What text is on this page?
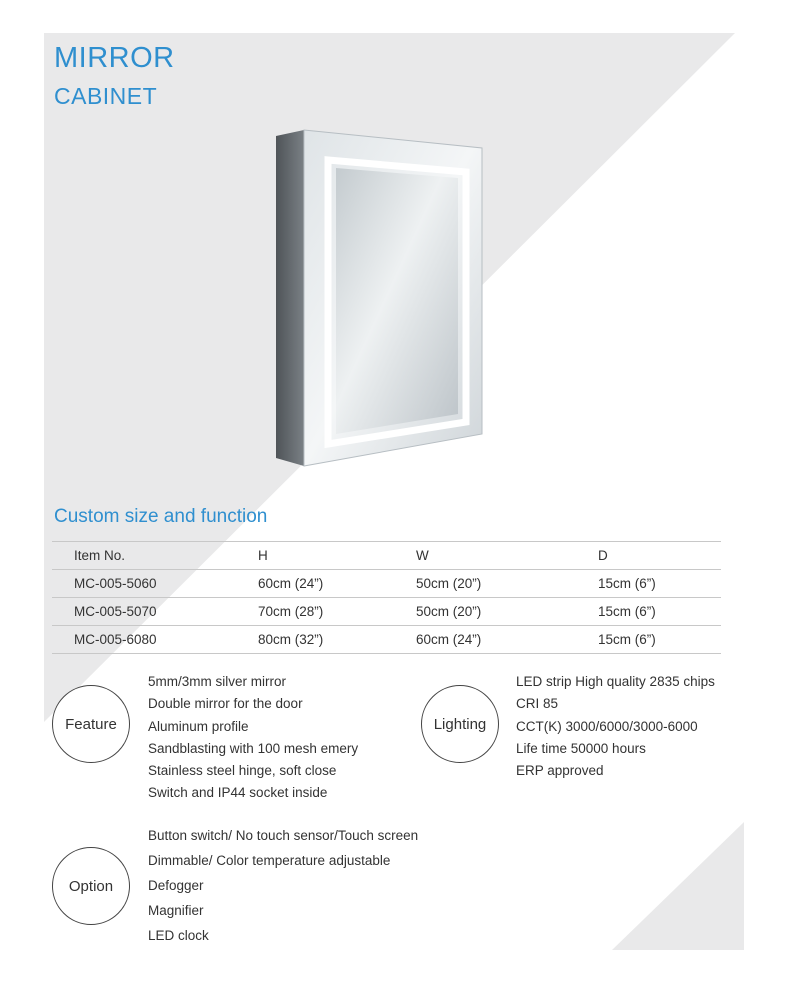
MIRROR
CABINET
Custom size and function
Item No.	H	W	D
MC-005-5060	60cm (24”)	50cm (20”)	15cm (6”)
MC-005-5070	70cm (28”)	50cm (20”)	15cm (6”)
MC-005-6080	80cm (32”)	60cm (24”)	15cm (6”)
Feature
5mm/3mm silver mirror
Double mirror for the door
Aluminum profile
Sandblasting with 100 mesh emery
Stainless steel hinge, soft close
Switch and IP44 socket inside
Lighting
LED strip High quality 2835 chips
CRI 85
CCT(K) 3000/6000/3000-6000
Life time 50000 hours
ERP approved
Option
Button switch/ No touch sensor/Touch screen
Dimmable/ Color temperature adjustable
Defogger
Magnifier
LED clock
